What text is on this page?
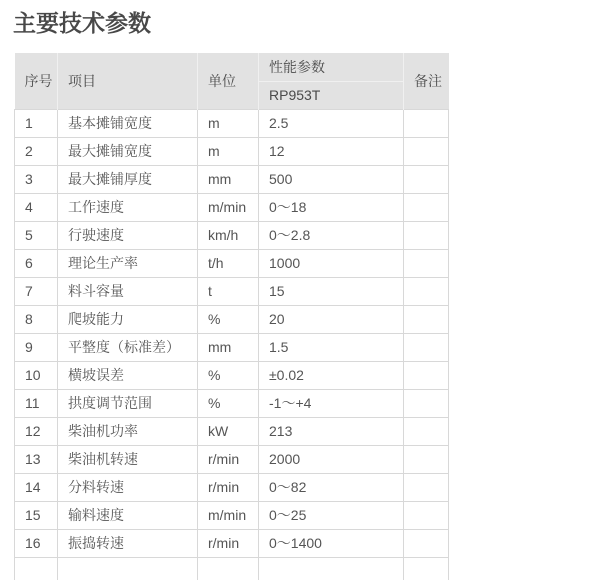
主要技术参数
序号	项目	单位	性能参数	备注
			RP953T	
1	基本摊铺宽度	m	2.5	
2	最大摊铺宽度	m	12	
3	最大摊铺厚度	mm	500	
4	工作速度	m/min	0～18	
5	行驶速度	km/h	0～2.8	
6	理论生产率	t/h	1000	
7	料斗容量	t	15	
8	爬坡能力	%	20	
9	平整度（标准差）	mm	1.5	
10	横坡误差	%	±0.02	
11	拱度调节范围	%	-1～+4	
12	柴油机功率	kW	213	
13	柴油机转速	r/min	2000	
14	分料转速	r/min	0～82	
15	输料速度	m/min	0～25	
16	振捣转速	r/min	0～1400	
